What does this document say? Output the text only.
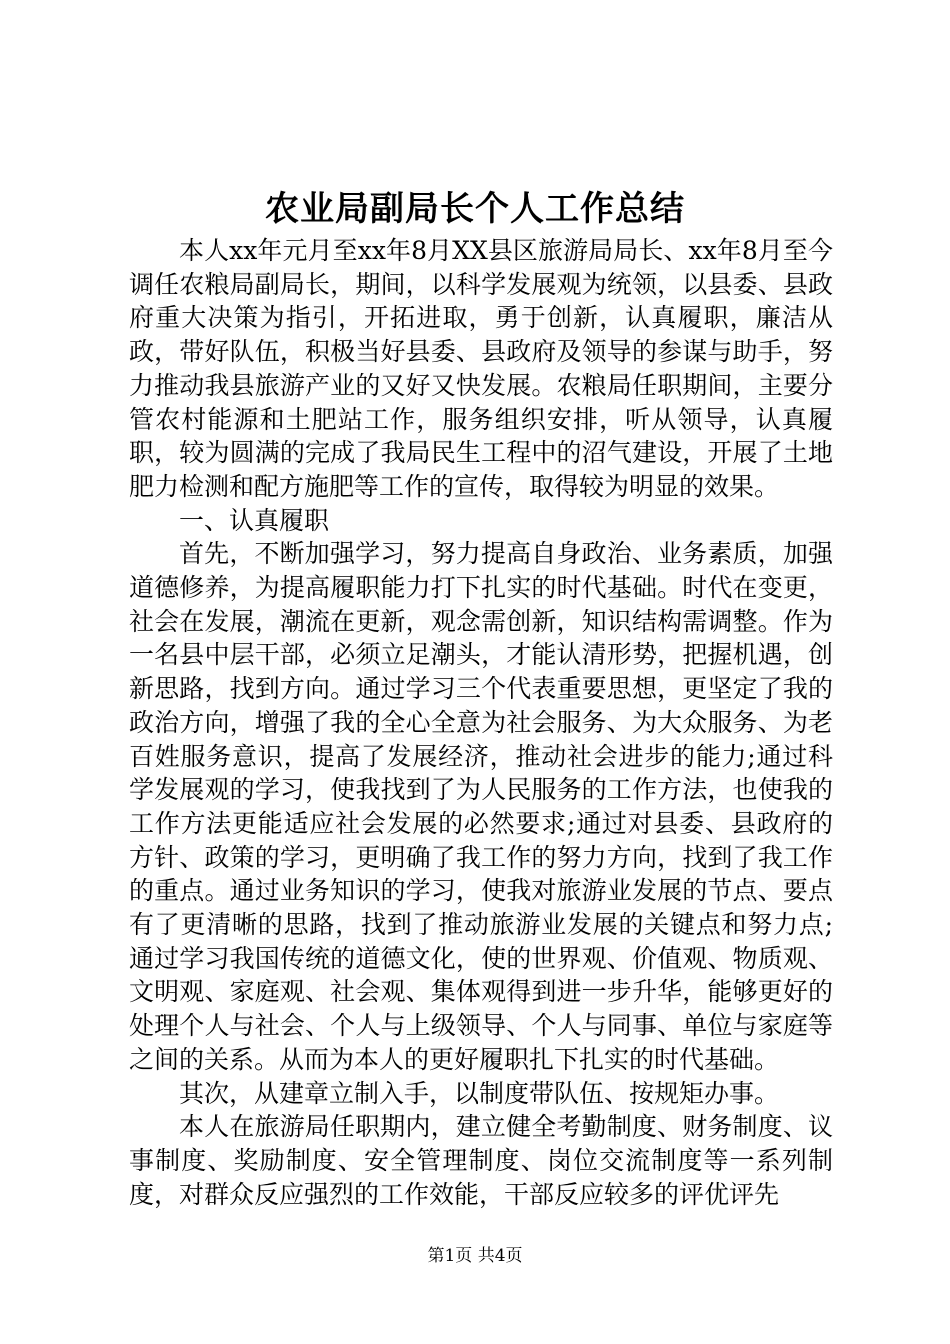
农业局副局长个人工作总结

本人xx年元月至xx年8月XX县区旅游局局长、xx年8月至今调任农粮局副局长，期间，以科学发展观为统领，以县委、县政府重大决策为指引，开拓进取，勇于创新，认真履职，廉洁从政，带好队伍，积极当好县委、县政府及领导的参谋与助手，努力推动我县旅游产业的又好又快发展。农粮局任职期间，主要分管农村能源和土肥站工作，服务组织安排，听从领导，认真履职，较为圆满的完成了我局民生工程中的沼气建设，开展了土地肥力检测和配方施肥等工作的宣传，取得较为明显的效果。

一、认真履职

首先，不断加强学习，努力提高自身政治、业务素质，加强道德修养，为提高履职能力打下扎实的时代基础。时代在变更，社会在发展，潮流在更新，观念需创新，知识结构需调整。作为一名县中层干部，必须立足潮头，才能认清形势，把握机遇，创新思路，找到方向。通过学习三个代表重要思想，更坚定了我的政治方向，增强了我的全心全意为社会服务、为大众服务、为老百姓服务意识，提高了发展经济，推动社会进步的能力;通过科学发展观的学习，使我找到了为人民服务的工作方法，也使我的工作方法更能适应社会发展的必然要求;通过对县委、县政府的方针、政策的学习，更明确了我工作的努力方向，找到了我工作的重点。通过业务知识的学习，使我对旅游业发展的节点、要点有了更清晰的思路，找到了推动旅游业发展的关键点和努力点;通过学习我国传统的道德文化，使的世界观、价值观、物质观、文明观、家庭观、社会观、集体观得到进一步升华，能够更好的处理个人与社会、个人与上级领导、个人与同事、单位与家庭等之间的关系。从而为本人的更好履职扎下扎实的时代基础。

其次，从建章立制入手，以制度带队伍、按规矩办事。

本人在旅游局任职期内，建立健全考勤制度、财务制度、议事制度、奖励制度、安全管理制度、岗位交流制度等一系列制度，对群众反应强烈的工作效能，干部反应较多的评优评先

第1页 共4页
